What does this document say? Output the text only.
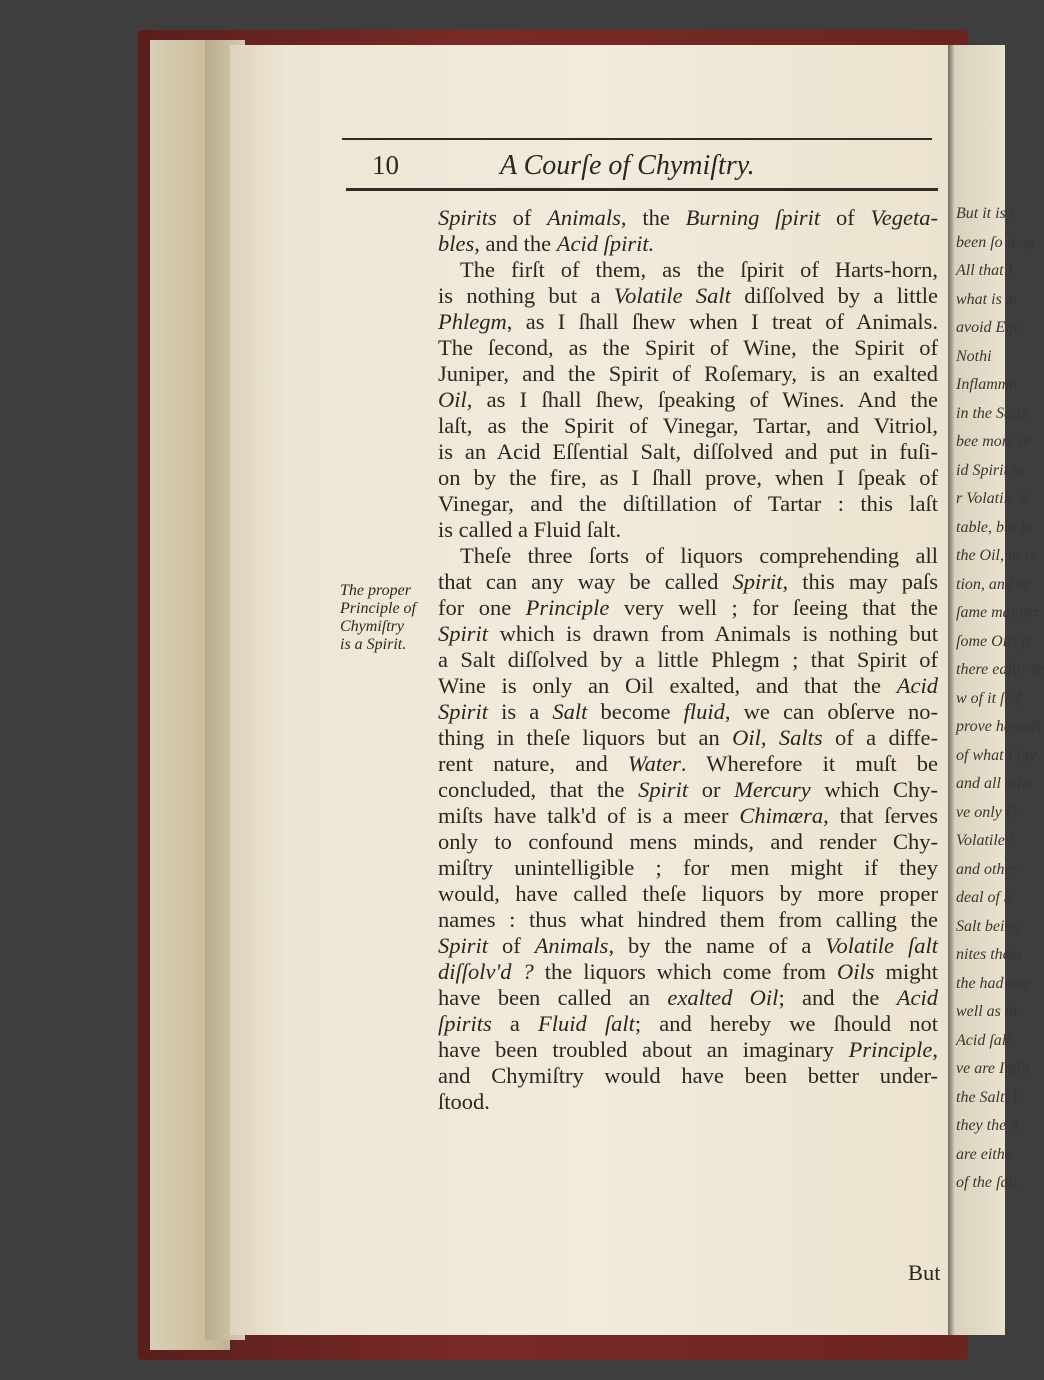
But it is i
been ſo long
All that I
what is m
avoid Equ
Nothi
Inflamma
in the Salts
bee more or
id Spirit in
r Volatile S
table, but fe
the Oil, to re
tion, and ec
ſame manner
ſome Oils fi
there eaſily th
w of it ſelf
prove hereaft
of what I ſay
and all othe
ve only O
Volatile S
and other
deal of S
Salt being
nites them
the had bee
well as th
Acid ſalt,
ve are Infla
the Salt, E
they the A
are eithe
of the ſalt,
10	A Courſe of Chymiſtry.
The proper
Principle of
Chymiſtry
is a Spirit.
Spirits of Animals, the Burning ſpirit of Vegeta-
bles, and the Acid ſpirit.
The firſt of them, as the ſpirit of Harts-horn,
is nothing but a Volatile Salt diſſolved by a little
Phlegm, as I ſhall ſhew when I treat of Animals.
The ſecond, as the Spirit of Wine, the Spirit of
Juniper, and the Spirit of Roſemary, is an exalted
Oil, as I ſhall ſhew, ſpeaking of Wines. And the
laſt, as the Spirit of Vinegar, Tartar, and Vitriol,
is an Acid Eſſential Salt, diſſolved and put in fuſi-
on by the fire, as I ſhall prove, when I ſpeak of
Vinegar, and the diſtillation of Tartar : this laſt
is called a Fluid ſalt.
Theſe three ſorts of liquors comprehending all
that can any way be called Spirit, this may paſs
for one Principle very well ; for ſeeing that the
Spirit which is drawn from Animals is nothing but
a Salt diſſolved by a little Phlegm ; that Spirit of
Wine is only an Oil exalted, and that the Acid
Spirit is a Salt become fluid, we can obſerve no-
thing in theſe liquors but an Oil, Salts of a diffe-
rent nature, and Water. Wherefore it muſt be
concluded, that the Spirit or Mercury which Chy-
miſts have talk'd of is a meer Chimæra, that ſerves
only to confound mens minds, and render Chy-
miſtry unintelligible ; for men might if they
would, have called theſe liquors by more proper
names : thus what hindred them from calling the
Spirit of Animals, by the name of a Volatile ſalt
diſſolv'd ? the liquors which come from Oils might
have been called an exalted Oil; and the Acid
ſpirits a Fluid ſalt; and hereby we ſhould not
have been troubled about an imaginary Principle,
and Chymiſtry would have been better under-
ſtood.
But
